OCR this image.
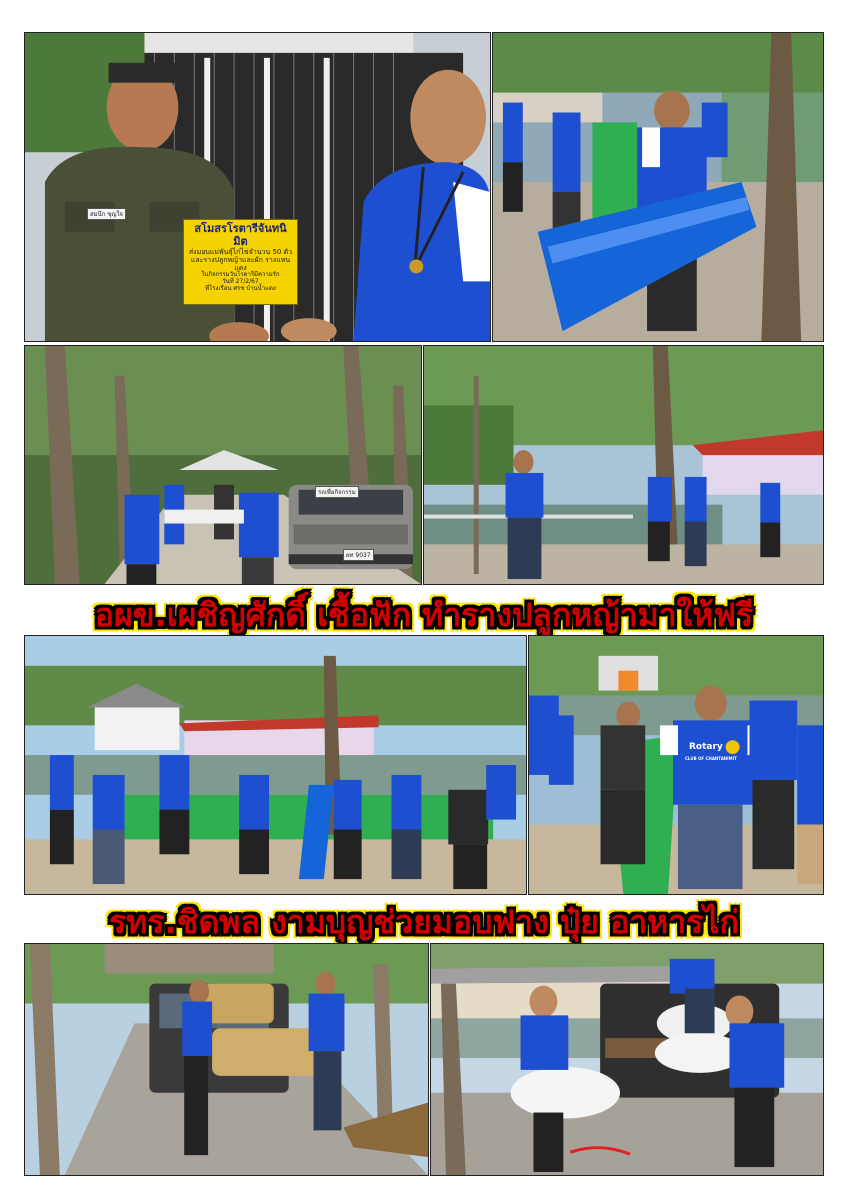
สมนึก ชุญใจ
สโมสรโรตารีจันทนิมิต
ส่งมอบแม่พันธุ์ไก่ไข่จำนวน 50 ตัว
และรางปลูกหญ้าและผัก รางแหนแดง
ในกิจกรรมวันโรตารีมีความรัก
วันที่ 27/2/67
ที่โรงเรือน ศรช บ้านน้ำแดง
รถเพื่อกิจกรรม
ผท 9037
อผข.เผชิญศักดิ์ เชื้อฟัก ทำรางปลูกหญ้ามาให้ฟรี
Rotary
CLUB OF CHANTANIMIT
รทร.ชิดพล งามบุญช่วยมอบฟาง ปุ๋ย อาหารไก่
